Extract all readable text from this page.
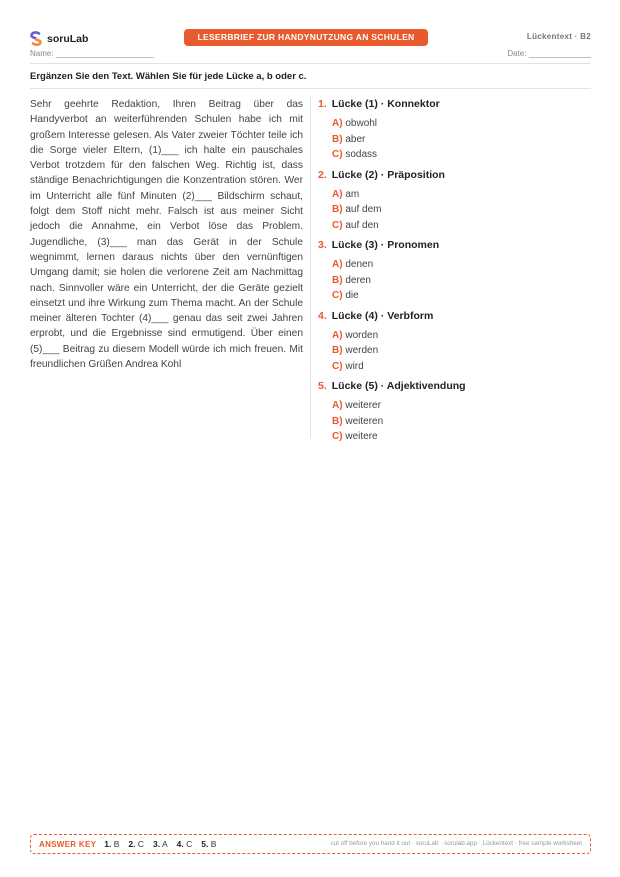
soruLab	LESERBRIEF ZUR HANDYNUTZUNG AN SCHULEN	Lückentext · B2
Name: ______________________	Date: ______________
Ergänzen Sie den Text. Wählen Sie für jede Lücke a, b oder c.
Sehr geehrte Redaktion, Ihren Beitrag über das Handyverbot an weiterführenden Schulen habe ich mit großem Interesse gelesen. Als Vater zweier Töchter teile ich die Sorge vieler Eltern, (1)___ ich halte ein pauschales Verbot trotzdem für den falschen Weg. Richtig ist, dass ständige Benachrichtigungen die Konzentration stören. Wer im Unterricht alle fünf Minuten (2)___ Bildschirm schaut, folgt dem Stoff nicht mehr. Falsch ist aus meiner Sicht jedoch die Annahme, ein Verbot löse das Problem. Jugendliche, (3)___ man das Gerät in der Schule wegnimmt, lernen daraus nichts über den vernünftigen Umgang damit; sie holen die verlorene Zeit am Nachmittag nach. Sinnvoller wäre ein Unterricht, der die Geräte gezielt einsetzt und ihre Wirkung zum Thema macht. An der Schule meiner älteren Tochter (4)___ genau das seit zwei Jahren erprobt, und die Ergebnisse sind ermutigend. Über einen (5)___ Beitrag zu diesem Modell würde ich mich freuen. Mit freundlichen Grüßen Andrea Kohl
1. Lücke (1) · Konnektor
A) obwohl
B) aber
C) sodass
2. Lücke (2) · Präposition
A) am
B) auf dem
C) auf den
3. Lücke (3) · Pronomen
A) denen
B) deren
C) die
4. Lücke (4) · Verbform
A) worden
B) werden
C) wird
5. Lücke (5) · Adjektivendung
A) weiterer
B) weiteren
C) weitere
ANSWER KEY 1. B 2. C 3. A 4. C 5. B	cut off before you hand it out · soruLab · sorulab.app · Lückentext · free sample worksheet
